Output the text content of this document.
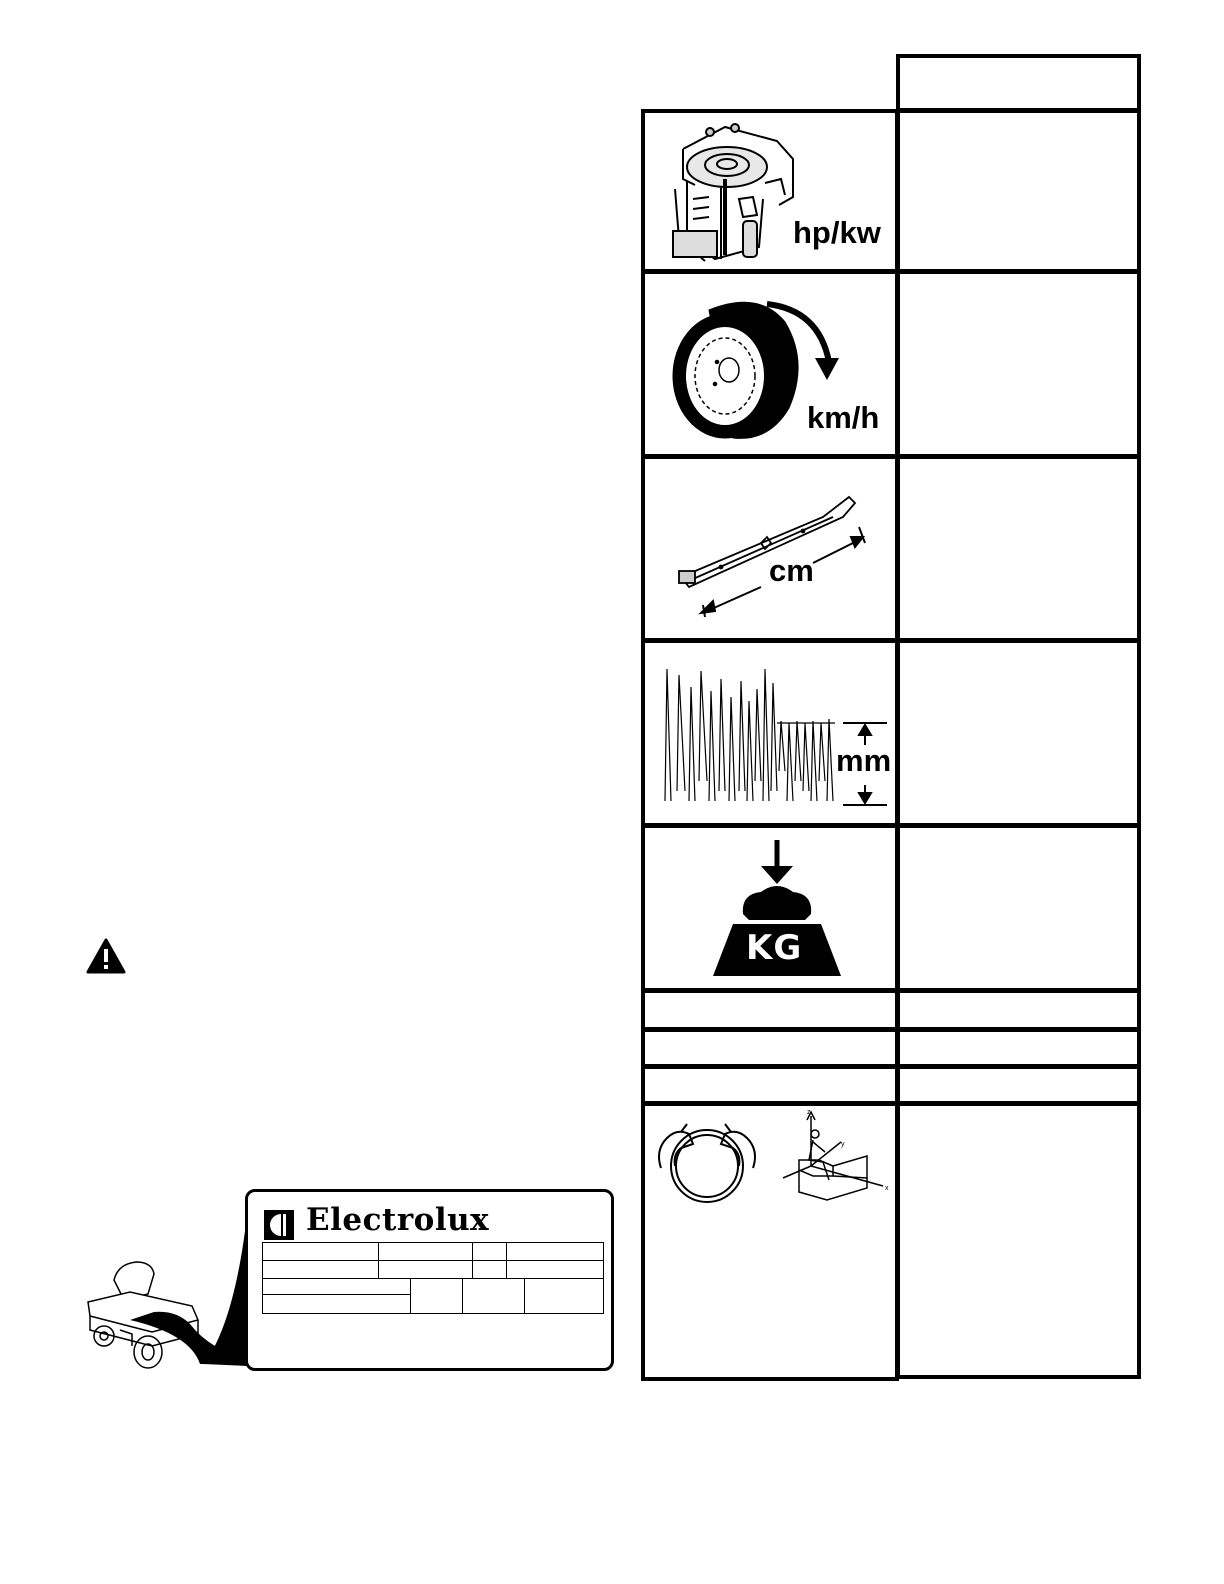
hp/kw
km/h
cm
mm
KG
z
y
x
Electrolux
